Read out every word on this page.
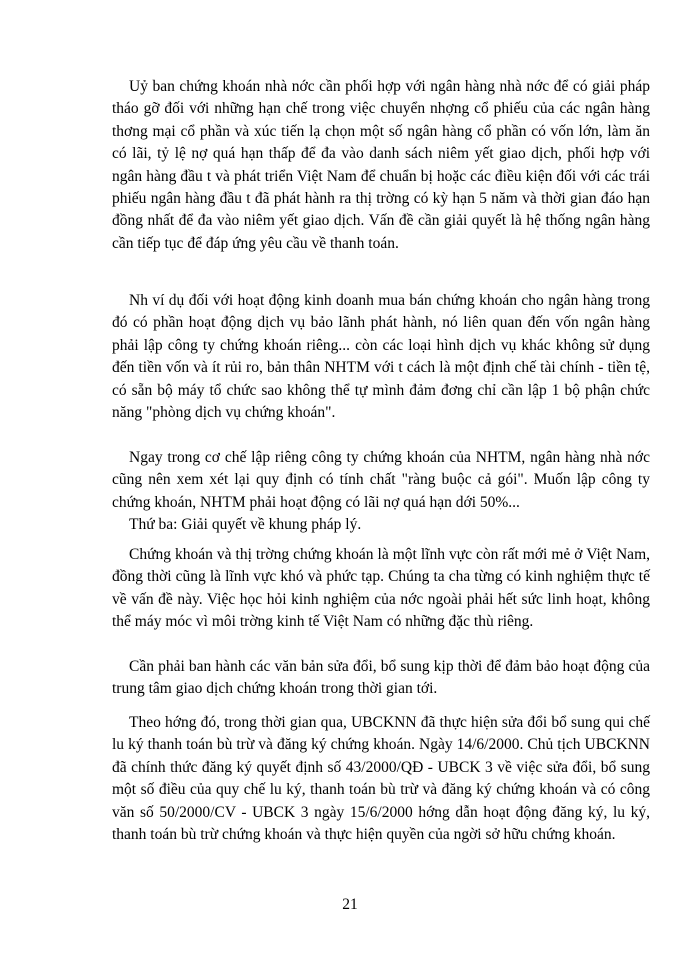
Uỷ ban chứng khoán nhà nớc cần phối hợp với ngân hàng nhà nớc để có giải pháp tháo gỡ đối với những hạn chế trong việc chuyển nhợng cổ phiếu của các ngân hàng thơng mại cổ phần và xúc tiến lạ chọn một số ngân hàng cổ phần có vốn lớn, làm ăn có lãi, tỷ lệ nợ quá hạn thấp để đa vào danh sách niêm yết giao dịch, phối hợp với ngân hàng đầu t và phát triển Việt Nam để chuẩn bị hoặc các điều kiện đối với các trái phiếu ngân hàng đầu t đã phát hành ra thị trờng có kỳ hạn 5 năm và thời gian đáo hạn đồng nhất để đa vào niêm yết giao dịch. Vấn đề cần giải quyết là hệ thống ngân hàng cần tiếp tục để đáp ứng yêu cầu về thanh toán.

Nh ví dụ đối với hoạt động kinh doanh mua bán chứng khoán cho ngân hàng trong đó có phần hoạt động dịch vụ bảo lãnh phát hành, nó liên quan đến vốn ngân hàng phải lập công ty chứng khoán riêng... còn các loại hình dịch vụ khác không sử dụng đến tiền vốn và ít rủi ro, bản thân NHTM với t cách là một định chế tài chính - tiền tệ, có sẵn bộ máy tổ chức sao không thể tự mình đảm đơng chỉ cần lập 1 bộ phận chức năng "phòng dịch vụ chứng khoán".

Ngay trong cơ chế lập riêng công ty chứng khoán của NHTM, ngân hàng nhà nớc cũng nên xem xét lại quy định có tính chất "ràng buộc cả gói". Muốn lập công ty chứng khoán, NHTM phải hoạt động có lãi nợ quá hạn dới 50%...

Thứ ba: Giải quyết về khung pháp lý.

Chứng khoán và thị trờng chứng khoán là một lĩnh vực còn rất mới mẻ ở Việt Nam, đồng thời cũng là lĩnh vực khó và phức tạp. Chúng ta cha từng có kinh nghiệm thực tế về vấn đề này. Việc học hỏi kinh nghiệm của nớc ngoài phải hết sức linh hoạt, không thể máy móc vì môi trờng kinh tế Việt Nam có những đặc thù riêng.

Cần phải ban hành các văn bản sửa đổi, bổ sung kịp thời để đảm bảo hoạt động của trung tâm giao dịch chứng khoán trong thời gian tới.

Theo hớng đó, trong thời gian qua, UBCKNN đã thực hiện sửa đổi bổ sung qui chế lu ký thanh toán bù trừ và đăng ký chứng khoán. Ngày 14/6/2000. Chủ tịch UBCKNN đã chính thức đăng ký quyết định số 43/2000/QĐ - UBCK 3 về việc sửa đổi, bổ sung một số điều của quy chế lu ký, thanh toán bù trừ và đăng ký chứng khoán và có công văn số 50/2000/CV - UBCK 3 ngày 15/6/2000 hớng dẫn hoạt động đăng ký, lu ký, thanh toán bù trừ chứng khoán và thực hiện quyền của ngời sở hữu chứng khoán.

21
